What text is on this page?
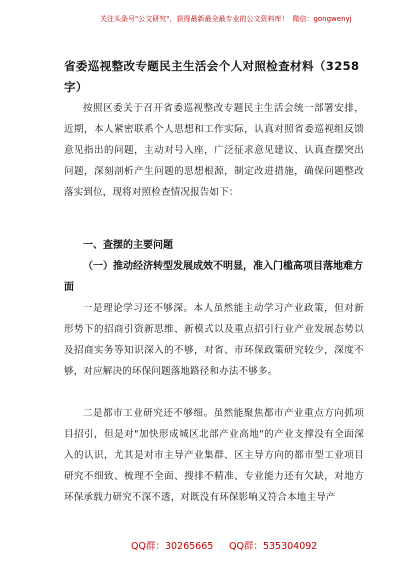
关注头条号"公文研究"，获得最新最全最专业的公文资料库！ 微信：gongwenyj
省委巡视整改专题民主生活会个人对照检查材料（3258字）
按照区委关于召开省委巡视整改专题民主生活会统一部署安排，近期，本人紧密联系个人思想和工作实际，认真对照省委巡视组反馈意见指出的问题，主动对号入座，广泛征求意见建议、认真查摆突出问题，深刻剖析产生问题的思想根源，制定改进措施，确保问题整改落实到位，现将对照检查情况报告如下：
一、查摆的主要问题
（一）推动经济转型发展成效不明显，准入门槛高项目落地难方面
一是理论学习还不够深。本人虽然能主动学习产业政策，但对新形势下的招商引资新思维、新模式以及重点招引行业产业发展态势以及招商实务等知识深入的不够，对省、市环保政策研究较少，深度不够，对应解决的环保问题落地路径和办法不够多。
二是都市工业研究还不够细。虽然能聚焦都市产业重点方向抓项目招引，但是对"加快形成城区北部产业高地"的产业支撑没有全面深入的认识，尤其是对市主导产业集群、区主导方向的都市型工业项目研究不细致、梳理不全面、搜排不精准、专业能力还有欠缺，对地方环保承载力研究不深不透，对既没有环保影响又符合本地主导产
QQ群：30265665 QQ群：535304092
